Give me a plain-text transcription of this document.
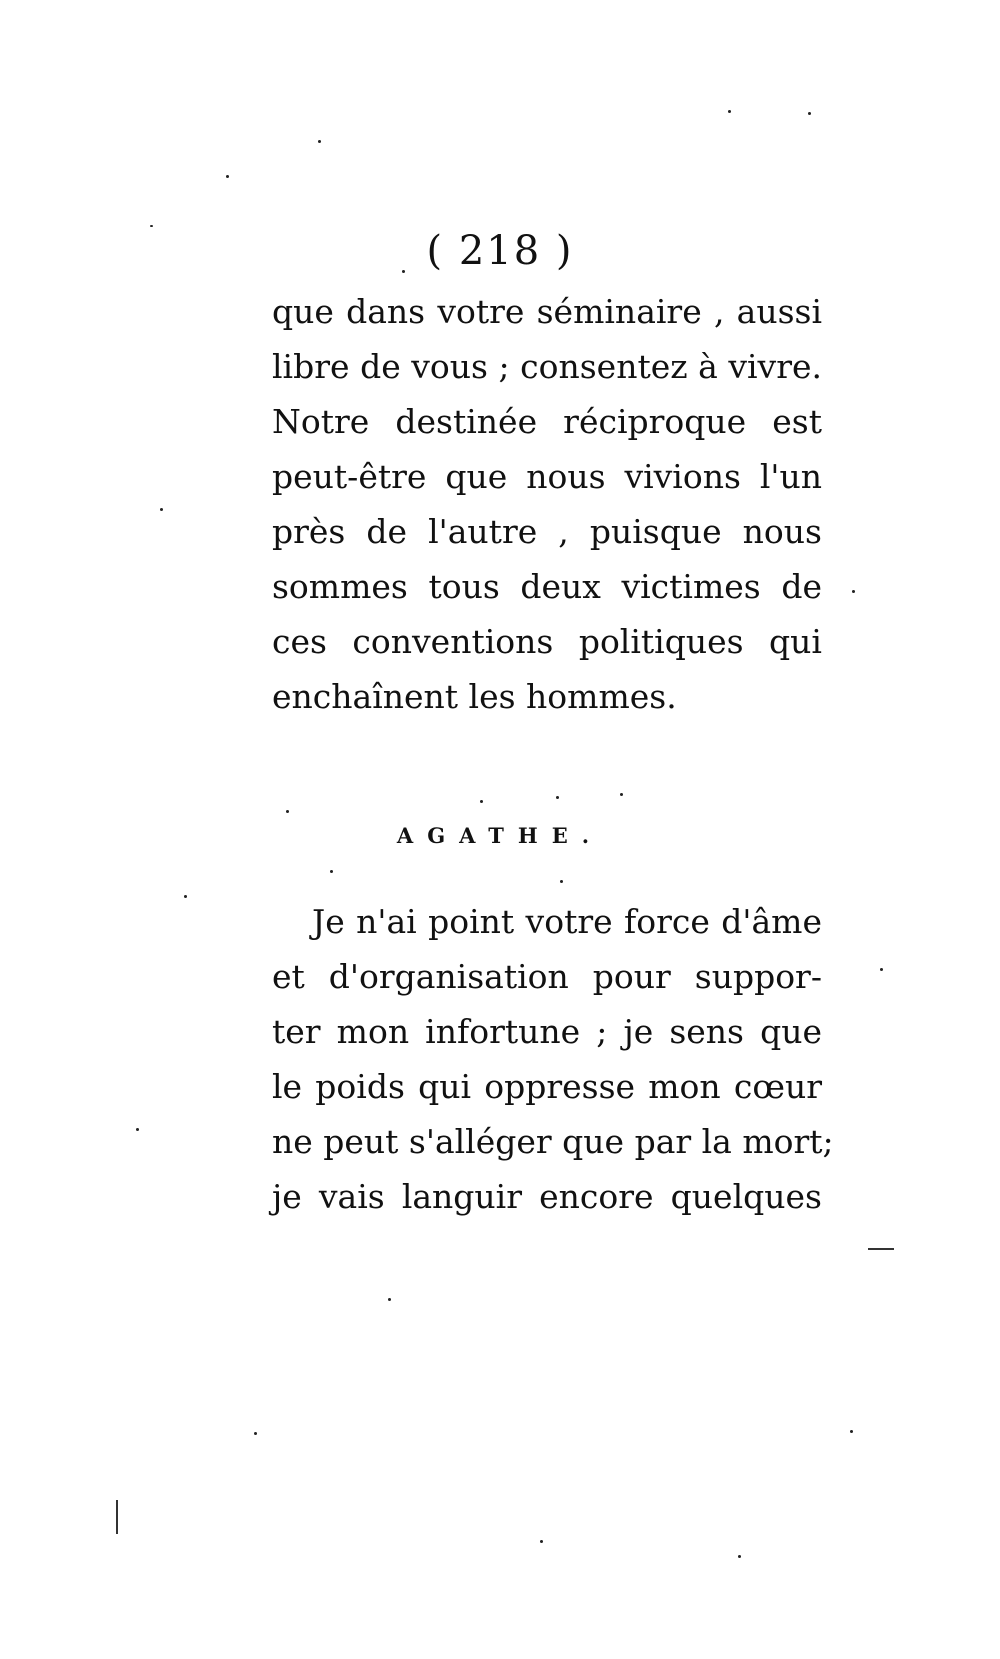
( 218 )
que dans votre séminaire , aussi
libre de vous ; consentez à vivre.
Notre destinée réciproque est
peut-être que nous vivions l'un
près de l'autre , puisque nous
sommes tous deux victimes de
ces conventions politiques qui
enchaînent les hommes.
AGATHE.
Je n'ai point votre force d'âme
et d'organisation pour suppor-
ter mon infortune ; je sens que
le poids qui oppresse mon cœur
ne peut s'alléger que par la mort;
je vais languir encore quelques
